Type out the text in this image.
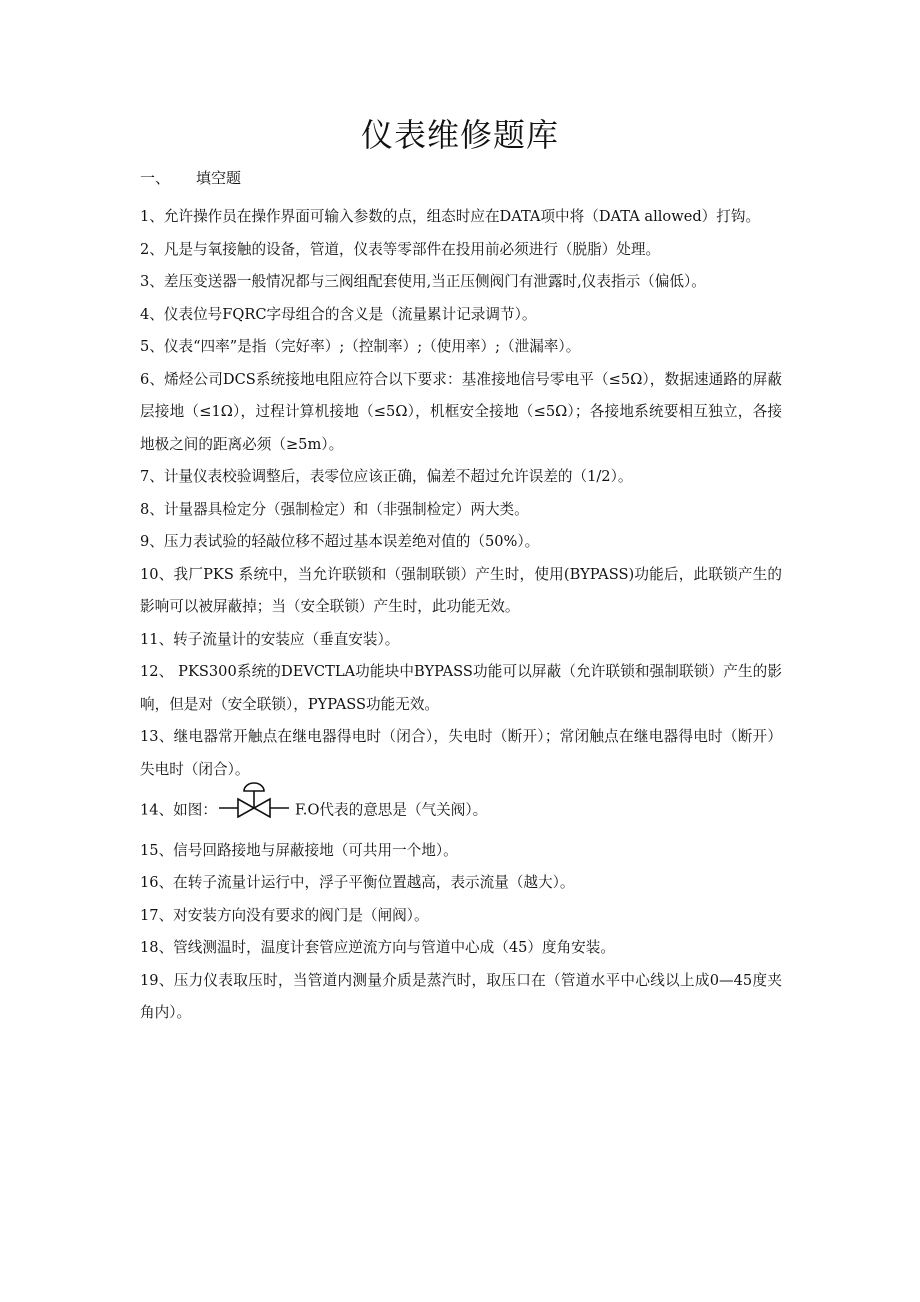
仪表维修题库
一、 填空题

1、允许操作员在操作界面可输入参数的点，组态时应在DATA项中将（DATA allowed）打钩。

2、凡是与氧接触的设备，管道，仪表等零部件在投用前必须进行（脱脂）处理。

3、差压变送器一般情况都与三阀组配套使用,当正压侧阀门有泄露时,仪表指示（偏低）。

4、仪表位号FQRC字母组合的含义是（流量累计记录调节）。

5、仪表“四率”是指（完好率）;（控制率）;（使用率）;（泄漏率）。

6、烯烃公司DCS系统接地电阻应符合以下要求：基准接地信号零电平（≤5Ω），数据速通路的屏蔽层接地（≤1Ω），过程计算机接地（≤5Ω），机框安全接地（≤5Ω）；各接地系统要相互独立，各接地极之间的距离必须（≥5m）。

7、计量仪表校验调整后，表零位应该正确，偏差不超过允许误差的（1/2）。

8、计量器具检定分（强制检定）和（非强制检定）两大类。

9、压力表试验的轻敲位移不超过基本误差绝对值的（50%）。

10、我厂PKS 系统中，当允许联锁和（强制联锁）产生时，使用(BYPASS)功能后，此联锁产生的影响可以被屏蔽掉；当（安全联锁）产生时，此功能无效。

11、转子流量计的安装应（垂直安装）。

12、 PKS300系统的DEVCTLA功能块中BYPASS功能可以屏蔽（允许联锁和强制联锁）产生的影响，但是对（安全联锁），PYPASS功能无效。

13、继电器常开触点在继电器得电时（闭合），失电时（断开）；常闭触点在继电器得电时（断开）失电时（闭合）。

14、如图：	F.O代表的意思是（气关阀）。

15、信号回路接地与屏蔽接地（可共用一个地）。

16、在转子流量计运行中，浮子平衡位置越高，表示流量（越大）。

17、对安装方向没有要求的阀门是（闸阀）。

18、管线测温时，温度计套管应逆流方向与管道中心成（45）度角安装。

19、压力仪表取压时，当管道内测量介质是蒸汽时，取压口在（管道水平中心线以上成0—45度夹角内）。
